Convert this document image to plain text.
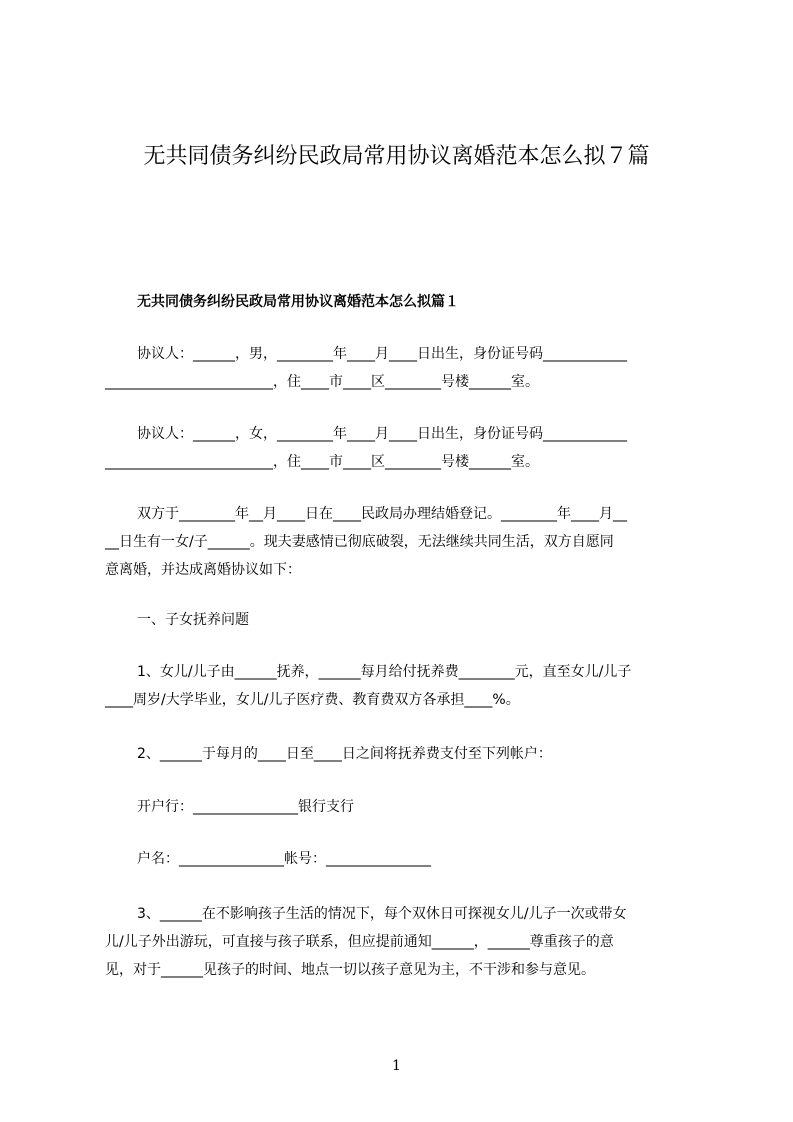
无共同债务纠纷民政局常用协议离婚范本怎么拟７篇
无共同债务纠纷民政局常用协议离婚范本怎么拟篇１
协议人：______，男，________年____月____日出生，身份证号码____________
________________________，住____市____区________号楼______室。
协议人：______，女，________年____月____日出生，身份证号码____________
________________________，住____市____区________号楼______室。
双方于________年__月____日在____民政局办理结婚登记。________年____月__
__日生有一女/子______。现夫妻感情已彻底破裂，无法继续共同生活，双方自愿同
意离婚，并达成离婚协议如下：
一、子女抚养问题
1、女儿/儿子由______抚养，______每月给付抚养费________元，直至女儿/儿子
____周岁/大学毕业，女儿/儿子医疗费、教育费双方各承担____%。
2、______于每月的____日至____日之间将抚养费支付至下列帐户：
开户行：_______________银行支行
户名：_______________帐号：_______________
3、______在不影响孩子生活的情况下，每个双休日可探视女儿/儿子一次或带女
儿/儿子外出游玩，可直接与孩子联系，但应提前通知______，______尊重孩子的意
见，对于______见孩子的时间、地点一切以孩子意见为主，不干涉和参与意见。
1
